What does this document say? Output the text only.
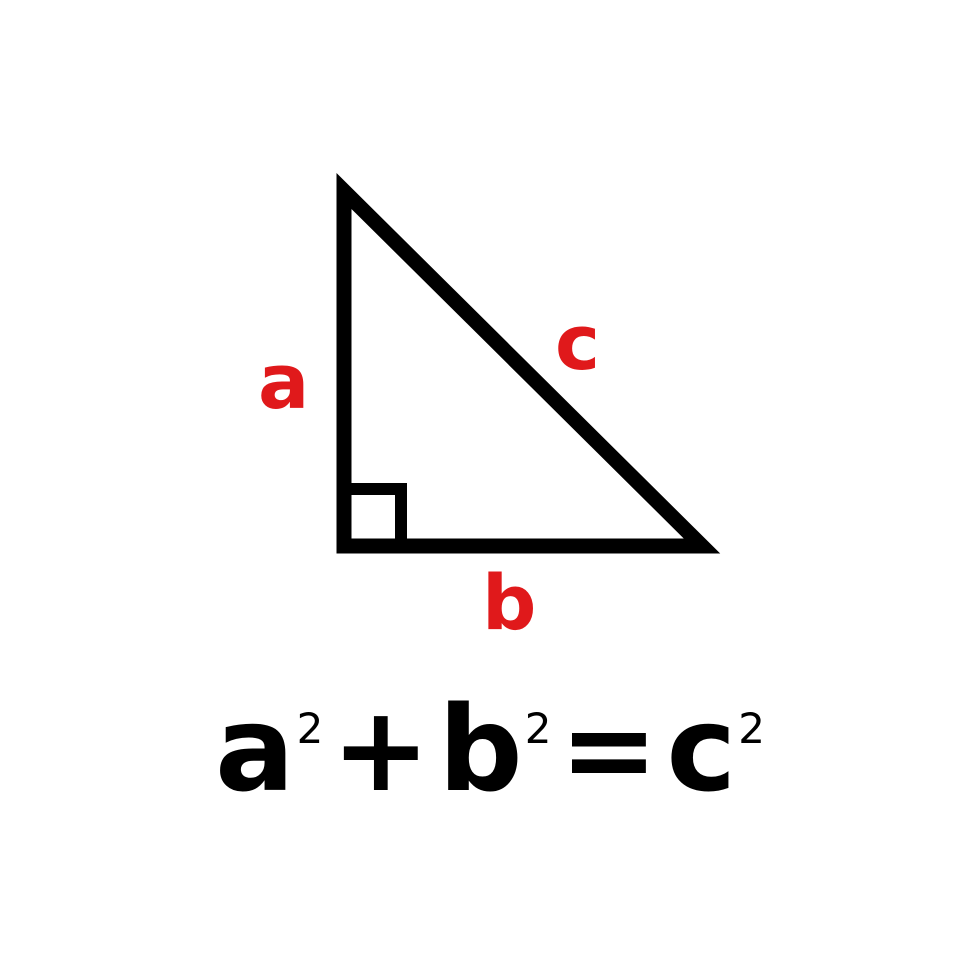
a	c
b
$a^2+b^2=c^2$
